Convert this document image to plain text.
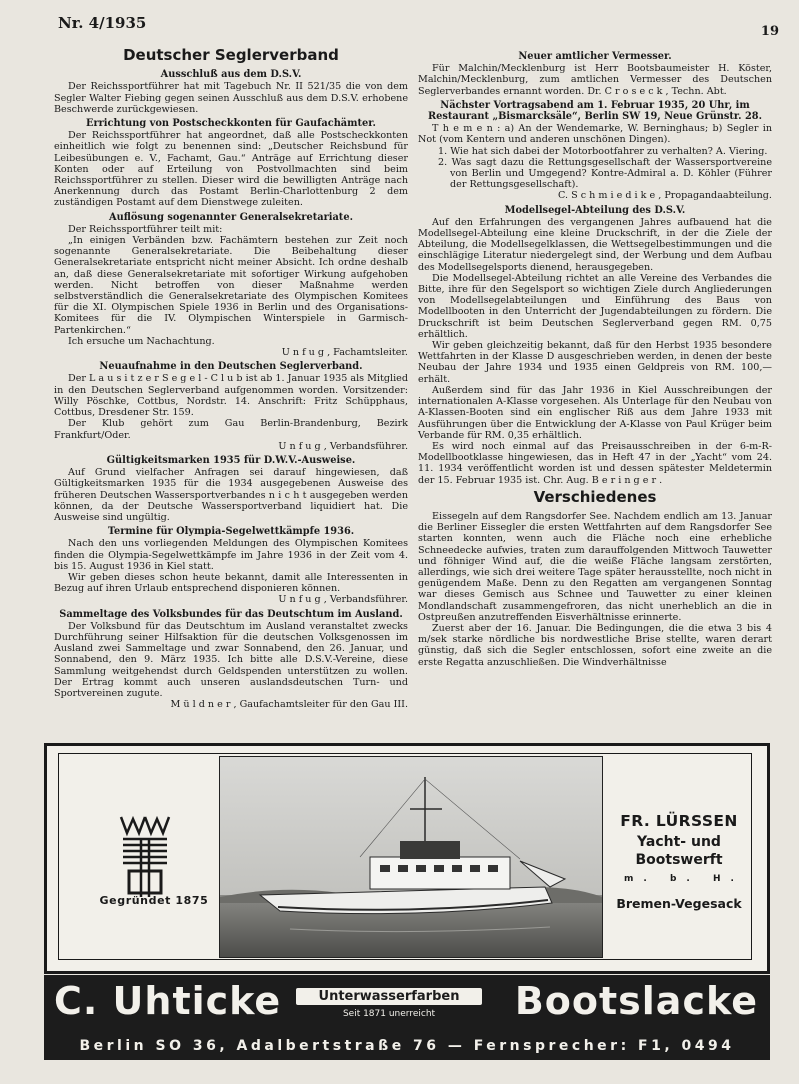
Nr. 4/1935	19
Deutscher Seglerverband
Ausschluß aus dem D.S.V.
Der Reichssportführer hat mit Tagebuch Nr. II 521/35 die von dem Segler Walter Fiebing gegen seinen Ausschluß aus dem D.S.V. erhobene Beschwerde zurückgewiesen.
Errichtung von Postscheckkonten für Gaufachämter.
Der Reichssportführer hat angeordnet, daß alle Postscheckkonten einheitlich wie folgt zu benennen sind: „Deutscher Reichsbund für Leibesübungen e. V., Fachamt, Gau.“ Anträge auf Errichtung dieser Konten oder auf Erteilung von Postvollmachten sind beim Reichssportführer zu stellen. Dieser wird die bewilligten Anträge nach Anerkennung durch das Postamt Berlin-Charlottenburg 2 dem zuständigen Postamt auf dem Dienstwege zuleiten.
Auflösung sogenannter Generalsekretariate.
Der Reichssportführer teilt mit:
„In einigen Verbänden bzw. Fachämtern bestehen zur Zeit noch sogenannte Generalsekretariate. Die Beibehaltung dieser Generalsekretariate entspricht nicht meiner Absicht. Ich ordne deshalb an, daß diese Generalsekretariate mit sofortiger Wirkung aufgehoben werden. Nicht betroffen von dieser Maßnahme werden selbstverständlich die Generalsekretariate des Olympischen Komitees für die XI. Olympischen Spiele 1936 in Berlin und des Organisations-Komitees für die IV. Olympischen Winterspiele in Garmisch-Partenkirchen.“
Ich ersuche um Nachachtung.
U n f u g , Fachamtsleiter.
Neuaufnahme in den Deutschen Seglerverband.
Der L a u s i t z e r S e g e l - C l u b ist ab 1. Januar 1935 als Mitglied in den Deutschen Seglerverband aufgenommen worden. Vorsitzender: Willy Pöschke, Cottbus, Nordstr. 14. Anschrift: Fritz Schüpphaus, Cottbus, Dresdener Str. 159.
Der Klub gehört zum Gau Berlin-Brandenburg, Bezirk Frankfurt/Oder.
U n f u g , Verbandsführer.
Gültigkeitsmarken 1935 für D.W.V.-Ausweise.
Auf Grund vielfacher Anfragen sei darauf hingewiesen, daß Gültigkeitsmarken 1935 für die 1934 ausgegebenen Ausweise des früheren Deutschen Wassersportverbandes n i c h t ausgegeben werden können, da der Deutsche Wassersportverband liquidiert hat. Die Ausweise sind ungültig.
Termine für Olympia-Segelwettkämpfe 1936.
Nach den uns vorliegenden Meldungen des Olympischen Komitees finden die Olympia-Segelwettkämpfe im Jahre 1936 in der Zeit vom 4. bis 15. August 1936 in Kiel statt.
Wir geben dieses schon heute bekannt, damit alle Interessenten in Bezug auf ihren Urlaub entsprechend disponieren können.
U n f u g , Verbandsführer.
Sammeltage des Volksbundes für das Deutschtum im Ausland.
Der Volksbund für das Deutschtum im Ausland veranstaltet zwecks Durchführung seiner Hilfsaktion für die deutschen Volksgenossen im Ausland zwei Sammeltage und zwar Sonnabend, den 26. Januar, und Sonnabend, den 9. März 1935. Ich bitte alle D.S.V.-Vereine, diese Sammlung weitgehendst durch Geldspenden unterstützen zu wollen. Der Ertrag kommt auch unseren auslandsdeutschen Turn- und Sportvereinen zugute.
M ü l d n e r , Gaufachamtsleiter für den Gau III.
Neuer amtlicher Vermesser.
Für Malchin/Mecklenburg ist Herr Bootsbaumeister H. Köster, Malchin/Mecklenburg, zum amtlichen Vermesser des Deutschen Seglerverbandes ernannt worden. Dr. C r o s e c k , Techn. Abt.
Nächster Vortragsabend am 1. Februar 1935, 20 Uhr, im Restaurant „Bismarcksäle“, Berlin SW 19, Neue Grünstr. 28.
T h e m e n : a) An der Wendemarke, W. Berninghaus; b) Segler in Not (vom Kentern und anderen unschönen Dingen).
1. Wie hat sich dabei der Motorbootfahrer zu verhalten? A. Viering.
2. Was sagt dazu die Rettungsgesellschaft der Wassersportvereine von Berlin und Umgegend? Kontre-Admiral a. D. Köhler (Führer der Rettungsgesellschaft).
C. S c h m i e d i k e , Propagandaabteilung.
Modellsegel-Abteilung des D.S.V.
Auf den Erfahrungen des vergangenen Jahres aufbauend hat die Modellsegel-Abteilung eine kleine Druckschrift, in der die Ziele der Abteilung, die Modellsegelklassen, die Wettsegelbestimmungen und die einschlägige Literatur niedergelegt sind, der Werbung und dem Aufbau des Modellsegelsports dienend, herausgegeben.
Die Modellsegel-Abteilung richtet an alle Vereine des Verbandes die Bitte, ihre für den Segelsport so wichtigen Ziele durch Angliederungen von Modellsegelabteilungen und Einführung des Baus von Modellbooten in den Unterricht der Jugendabteilungen zu fördern. Die Druckschrift ist beim Deutschen Seglerverband gegen RM. 0,75 erhältlich.
Wir geben gleichzeitig bekannt, daß für den Herbst 1935 besondere Wettfahrten in der Klasse D ausgeschrieben werden, in denen der beste Neubau der Jahre 1934 und 1935 einen Geldpreis von RM. 100,— erhält.
Außerdem sind für das Jahr 1936 in Kiel Ausschreibungen der internationalen A-Klasse vorgesehen. Als Unterlage für den Neubau von A-Klassen-Booten sind ein englischer Riß aus dem Jahre 1933 mit Ausführungen über die Entwicklung der A-Klasse von Paul Krüger beim Verbande für RM. 0,35 erhältlich.
Es wird noch einmal auf das Preisausschreiben in der 6-m-R-Modellbootklasse hingewiesen, das in Heft 47 in der „Yacht“ vom 24. 11. 1934 veröffentlicht worden ist und dessen spätester Meldetermin der 15. Februar 1935 ist. Chr. Aug. B e r i n g e r .
Verschiedenes
Eissegeln auf dem Rangsdorfer See. Nachdem endlich am 13. Januar die Berliner Eissegler die ersten Wettfahrten auf dem Rangsdorfer See starten konnten, wenn auch die Fläche noch eine erhebliche Schneedecke aufwies, traten zum darauffolgenden Mittwoch Tauwetter und föhniger Wind auf, die die weiße Fläche langsam zerstörten, allerdings, wie sich drei weitere Tage später herausstellte, noch nicht in genügendem Maße. Denn zu den Regatten am vergangenen Sonntag war dieses Gemisch aus Schnee und Tauwetter zu einer kleinen Mondlandschaft zusammengefroren, das nicht unerheblich an die in Ostpreußen anzutreffenden Eisverhältnisse erinnerte.
Zuerst aber der 16. Januar. Die Bedingungen, die die etwa 3 bis 4 m/sek starke nördliche bis nordwestliche Brise stellte, waren derart günstig, daß sich die Segler entschlossen, sofort eine zweite an die erste Regatta anzuschließen. Die Windverhältnisse
Gegründet 1875
FR. LÜRSSEN
Yacht- und
Bootswerft
m. b. H.
Bremen-Vegesack
C. Uhticke	Unterwasserfarben
Seit 1871 unerreicht	Bootslacke
Berlin SO 36, Adalbertstraße 76 — Fernsprecher: F1, 0494
